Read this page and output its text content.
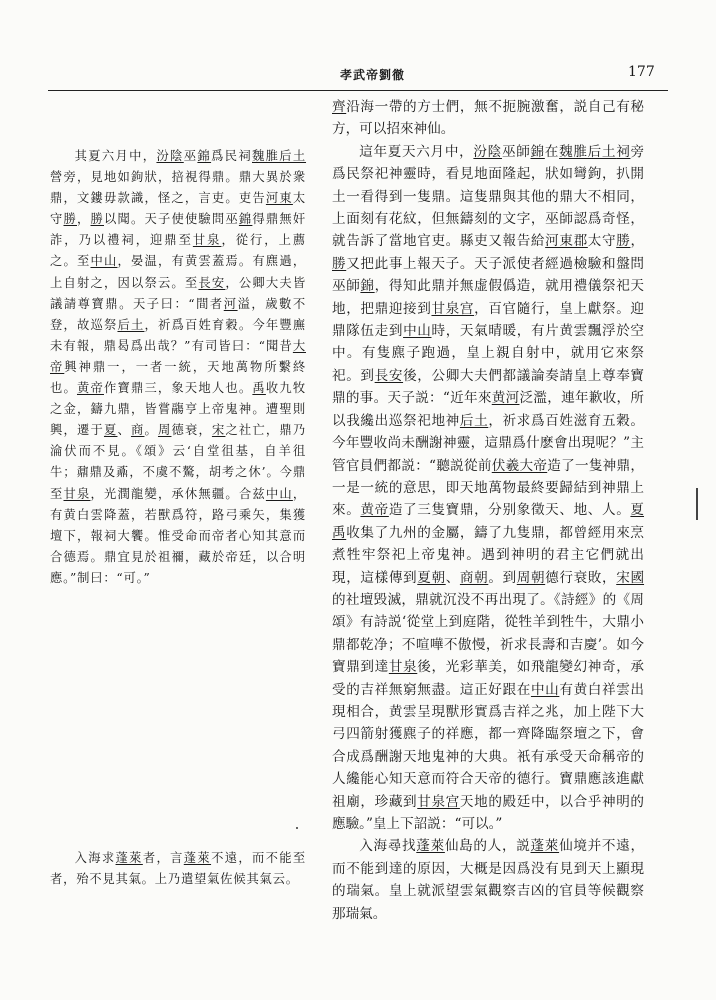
孝武帝劉徹	177

其夏六月中，汾陰巫錦爲民祠魏脽后土營旁，見地如鉤狀，掊視得鼎。鼎大異於衆鼎，文鏤毋款識，怪之，言吏。吏告河東太守勝，勝以聞。天子使使驗問巫錦得鼎無奸詐，乃以禮祠，迎鼎至甘泉，從行，上薦之。至中山，晏温，有黄雲蓋焉。有麃過，上自射之，因以祭云。至長安，公卿大夫皆議請尊寶鼎。天子曰：“間者河溢，歲數不登，故巡祭后土，祈爲百姓育穀。今年豐廡未有報，鼎曷爲出哉？”有司皆曰：“聞昔大帝興神鼎一，一者一統，天地萬物所繫終也。黄帝作寶鼎三，象天地人也。禹收九牧之金，鑄九鼎，皆嘗鬺亨上帝鬼神。遭聖則興，遷于夏、商。周德衰，宋之社亡，鼎乃淪伏而不見。《頌》云‘自堂徂基，自羊徂牛；鼐鼎及鼒，不虞不驁，胡考之休’。今鼎至甘泉，光潤龍變，承休無疆。合兹中山，有黄白雲降蓋，若獸爲符，路弓乘矢，集獲壇下，報祠大饗。惟受命而帝者心知其意而合德焉。鼎宜見於祖禰，藏於帝廷，以合明應。”制曰：“可。”

入海求蓬萊者，言蓬萊不遠，而不能至者，殆不見其氣。上乃遣望氣佐候其氣云。

齊沿海一帶的方士們，無不扼腕激奮，説自己有秘方，可以招來神仙。

這年夏天六月中，汾陰巫師錦在魏脽后土祠旁爲民祭祀神靈時，看見地面隆起，狀如彎鉤，扒開土一看得到一隻鼎。這隻鼎與其他的鼎大不相同，上面刻有花紋，但無鑄刻的文字，巫師認爲奇怪，就告訴了當地官吏。縣吏又報告給河東郡太守勝，勝又把此事上報天子。天子派使者經過檢驗和盤問巫師錦，得知此鼎并無虚假僞造，就用禮儀祭祀天地，把鼎迎接到甘泉宫，百官隨行，皇上獻祭。迎鼎隊伍走到中山時，天氣晴暖，有片黄雲飄浮於空中。有隻麃子跑過，皇上親自射中，就用它來祭祀。到長安後，公卿大夫們都議論奏請皇上尊奉寶鼎的事。天子説：“近年來黄河泛濫，連年歉收，所以我纔出巡祭祀地神后土，祈求爲百姓滋育五穀。今年豐收尚未酬謝神靈，這鼎爲什麽會出現呢？”主管官員們都説：“聽説從前伏羲大帝造了一隻神鼎，一是一統的意思，即天地萬物最終要歸結到神鼎上來。黄帝造了三隻寶鼎，分别象徵天、地、人。夏禹收集了九州的金屬，鑄了九隻鼎，都曾經用來烹煮牲牢祭祀上帝鬼神。遇到神明的君主它們就出現，這樣傳到夏朝、商朝。到周朝德行衰敗，宋國的社壇毁滅，鼎就沉没不再出現了。《詩經》的《周頌》有詩説‘從堂上到庭階，從牲羊到牲牛，大鼎小鼎都乾净；不喧嘩不傲慢，祈求長壽和吉慶’。如今寶鼎到達甘泉後，光彩華美，如飛龍變幻神奇，承受的吉祥無窮無盡。這正好跟在中山有黄白祥雲出現相合，黄雲呈現獸形實爲吉祥之兆，加上陛下大弓四箭射獲麃子的祥應，都一齊降臨祭壇之下，會合成爲酬謝天地鬼神的大典。衹有承受天命稱帝的人纔能心知天意而符合天帝的德行。寶鼎應該進獻祖廟，珍藏到甘泉宫天地的殿廷中，以合乎神明的應驗。”皇上下詔説：“可以。”

入海尋找蓬萊仙島的人，説蓬萊仙境并不遠，而不能到達的原因，大概是因爲没有見到天上顯現的瑞氣。皇上就派望雲氣觀察吉凶的官員等候觀察那瑞氣。
